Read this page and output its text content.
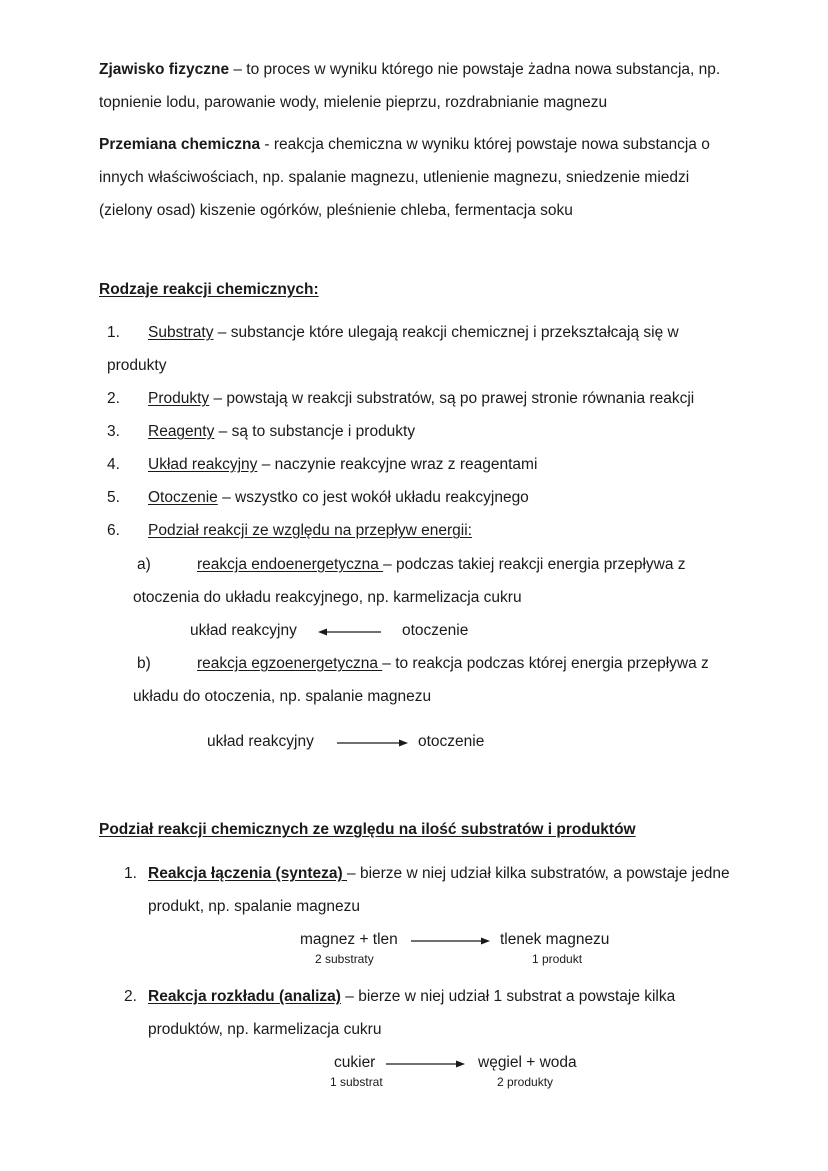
Zjawisko fizyczne – to proces w wyniku którego nie powstaje żadna nowa substancja, np.
topnienie lodu, parowanie wody, mielenie pieprzu, rozdrabnianie magnezu
Przemiana chemiczna - reakcja chemiczna w wyniku której powstaje nowa substancja o
innych właściwościach, np. spalanie magnezu, utlenienie magnezu, sniedzenie miedzi
(zielony osad) kiszenie ogórków, pleśnienie chleba, fermentacja soku
Rodzaje reakcji chemicznych:
1. Substraty – substancje które ulegają reakcji chemicznej i przekształcają się w
produkty
2. Produkty – powstają w reakcji substratów, są po prawej stronie równania reakcji
3. Reagenty – są to substancje i produkty
4. Układ reakcyjny – naczynie reakcyjne wraz z reagentami
5. Otoczenie – wszystko co jest wokół układu reakcyjnego
6. Podział reakcji ze względu na przepływ energii:
a)	reakcja endoenergetyczna – podczas takiej reakcji energia przepływa z
otoczenia do układu reakcyjnego, np. karmelizacja cukru
układ reakcyjny	otoczenie
b)	reakcja egzoenergetyczna – to reakcja podczas której energia przepływa z
układu do otoczenia, np. spalanie magnezu
układ reakcyjny	otoczenie
Podział reakcji chemicznych ze względu na ilość substratów i produktów
1. Reakcja łączenia (synteza) – bierze w niej udział kilka substratów, a powstaje jedne
produkt, np. spalanie magnezu
magnez + tlen
2 substraty
tlenek magnezu
1 produkt
2. Reakcja rozkładu (analiza) – bierze w niej udział 1 substrat a powstaje kilka
produktów, np. karmelizacja cukru
cukier
1 substrat
węgiel + woda
2 produkty
